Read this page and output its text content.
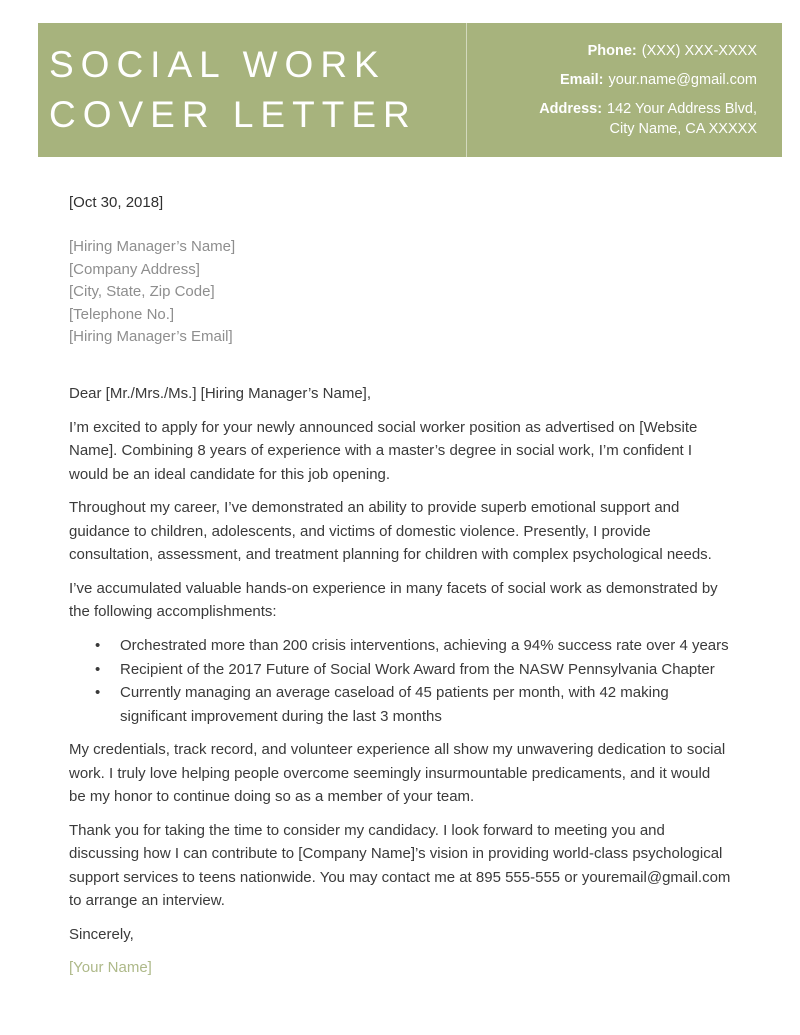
SOCIAL WORK
COVER LETTER
Phone: (XXX) XXX-XXXX
Email: your.name@gmail.com
Address: 142 Your Address Blvd,
City Name, CA XXXXX
[Oct 30, 2018]
[Hiring Manager’s Name]
[Company Address]
[City, State, Zip Code]
[Telephone No.]
[Hiring Manager’s Email]
Dear [Mr./Mrs./Ms.] [Hiring Manager’s Name],

I’m excited to apply for your newly announced social worker position as advertised on [Website Name]. Combining 8 years of experience with a master’s degree in social work, I’m confident I would be an ideal candidate for this job opening.

Throughout my career, I’ve demonstrated an ability to provide superb emotional support and guidance to children, adolescents, and victims of domestic violence. Presently, I provide consultation, assessment, and treatment planning for children with complex psychological needs.

I’ve accumulated valuable hands-on experience in many facets of social work as demonstrated by the following accomplishments:

• Orchestrated more than 200 crisis interventions, achieving a 94% success rate over 4 years
• Recipient of the 2017 Future of Social Work Award from the NASW Pennsylvania Chapter
• Currently managing an average caseload of 45 patients per month, with 42 making significant improvement during the last 3 months

My credentials, track record, and volunteer experience all show my unwavering dedication to social work. I truly love helping people overcome seemingly insurmountable predicaments, and it would be my honor to continue doing so as a member of your team.

Thank you for taking the time to consider my candidacy. I look forward to meeting you and discussing how I can contribute to [Company Name]’s vision in providing world-class psychological support services to teens nationwide. You may contact me at 895 555-555 or youremail@gmail.com to arrange an interview.

Sincerely,
[Your Name]
